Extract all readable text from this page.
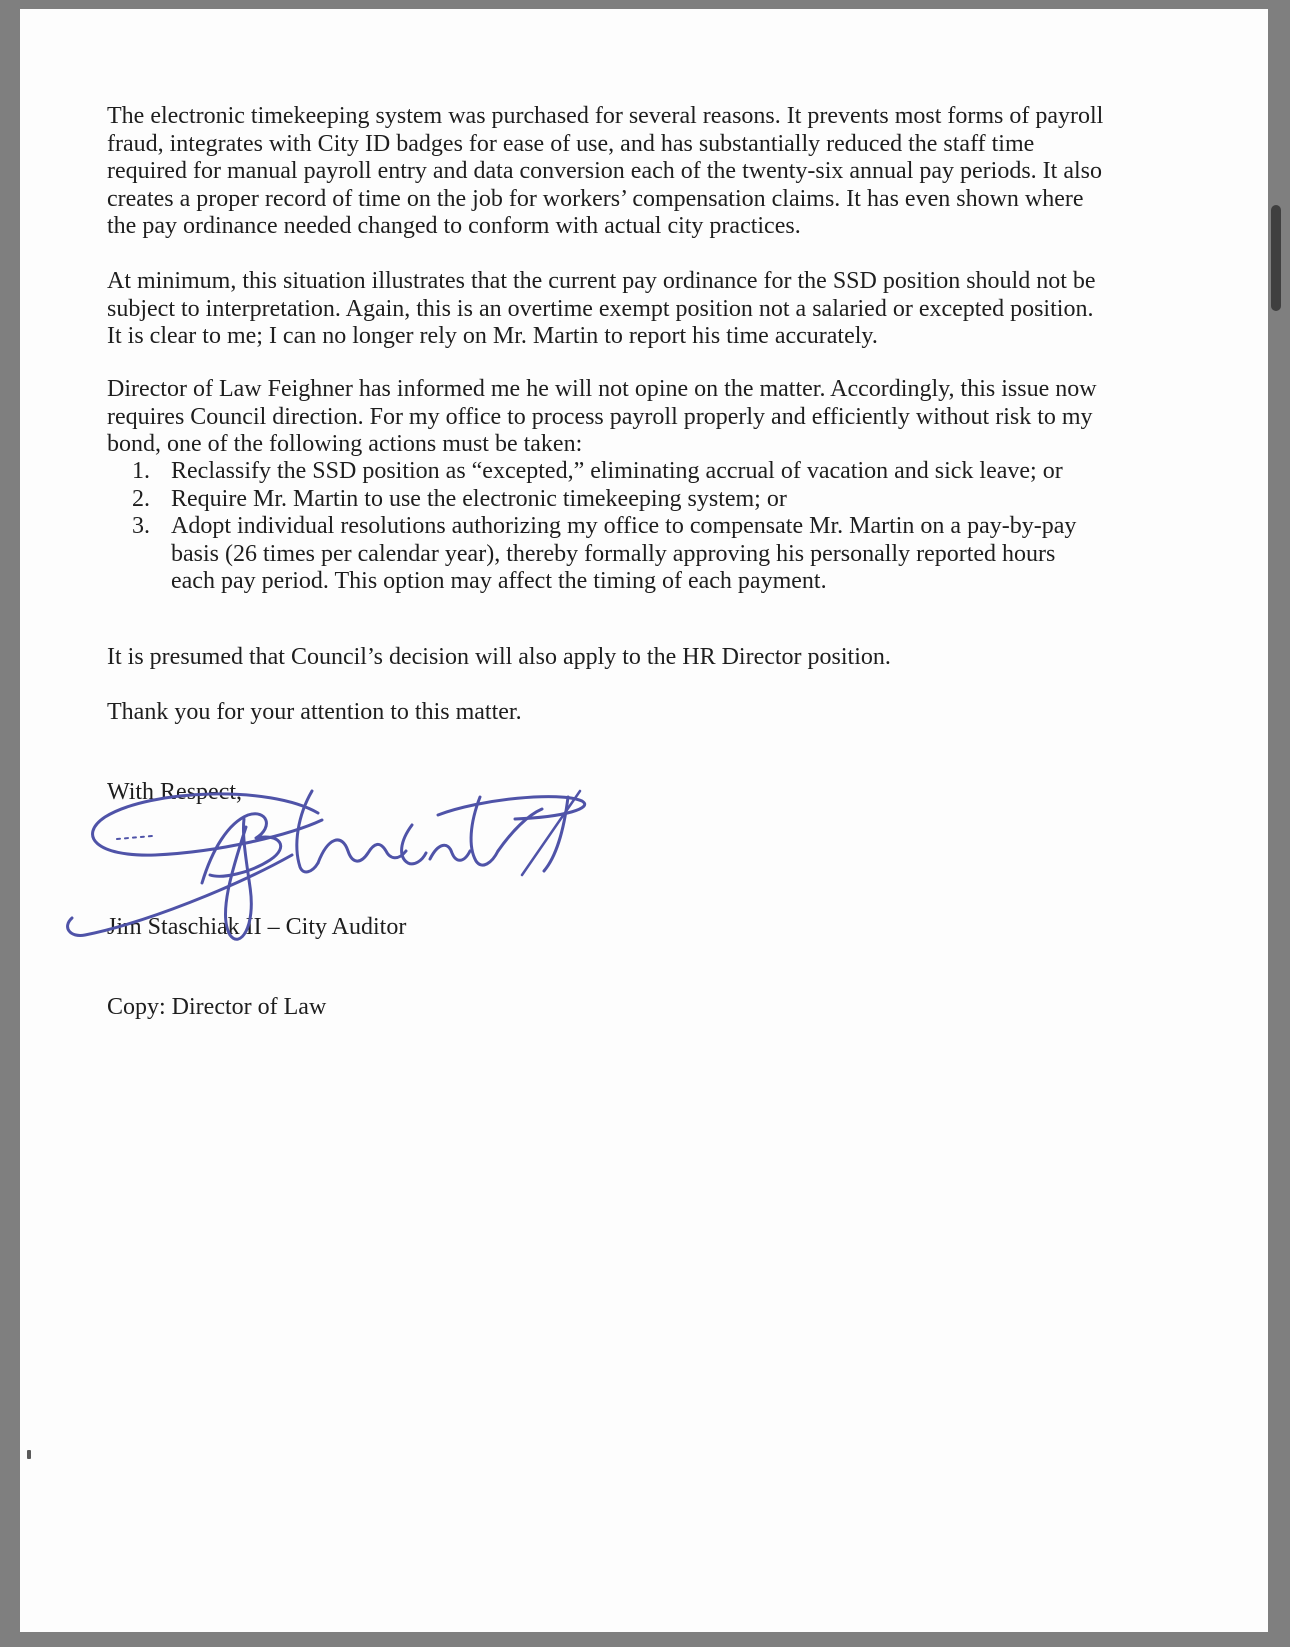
The electronic timekeeping system was purchased for several reasons. It prevents most forms of payroll fraud, integrates with City ID badges for ease of use, and has substantially reduced the staff time required for manual payroll entry and data conversion each of the twenty-six annual pay periods. It also creates a proper record of time on the job for workers’ compensation claims. It has even shown where the pay ordinance needed changed to conform with actual city practices.

At minimum, this situation illustrates that the current pay ordinance for the SSD position should not be subject to interpretation. Again, this is an overtime exempt position not a salaried or excepted position. It is clear to me; I can no longer rely on Mr. Martin to report his time accurately.

Director of Law Feighner has informed me he will not opine on the matter. Accordingly, this issue now requires Council direction. For my office to process payroll properly and efficiently without risk to my bond, one of the following actions must be taken:

1. Reclassify the SSD position as “excepted,” eliminating accrual of vacation and sick leave; or
2. Require Mr. Martin to use the electronic timekeeping system; or
3. Adopt individual resolutions authorizing my office to compensate Mr. Martin on a pay-by-pay basis (26 times per calendar year), thereby formally approving his personally reported hours each pay period. This option may affect the timing of each payment.

It is presumed that Council’s decision will also apply to the HR Director position.

Thank you for your attention to this matter.

With Respect,

Jim Staschiak II – City Auditor

Copy: Director of Law
